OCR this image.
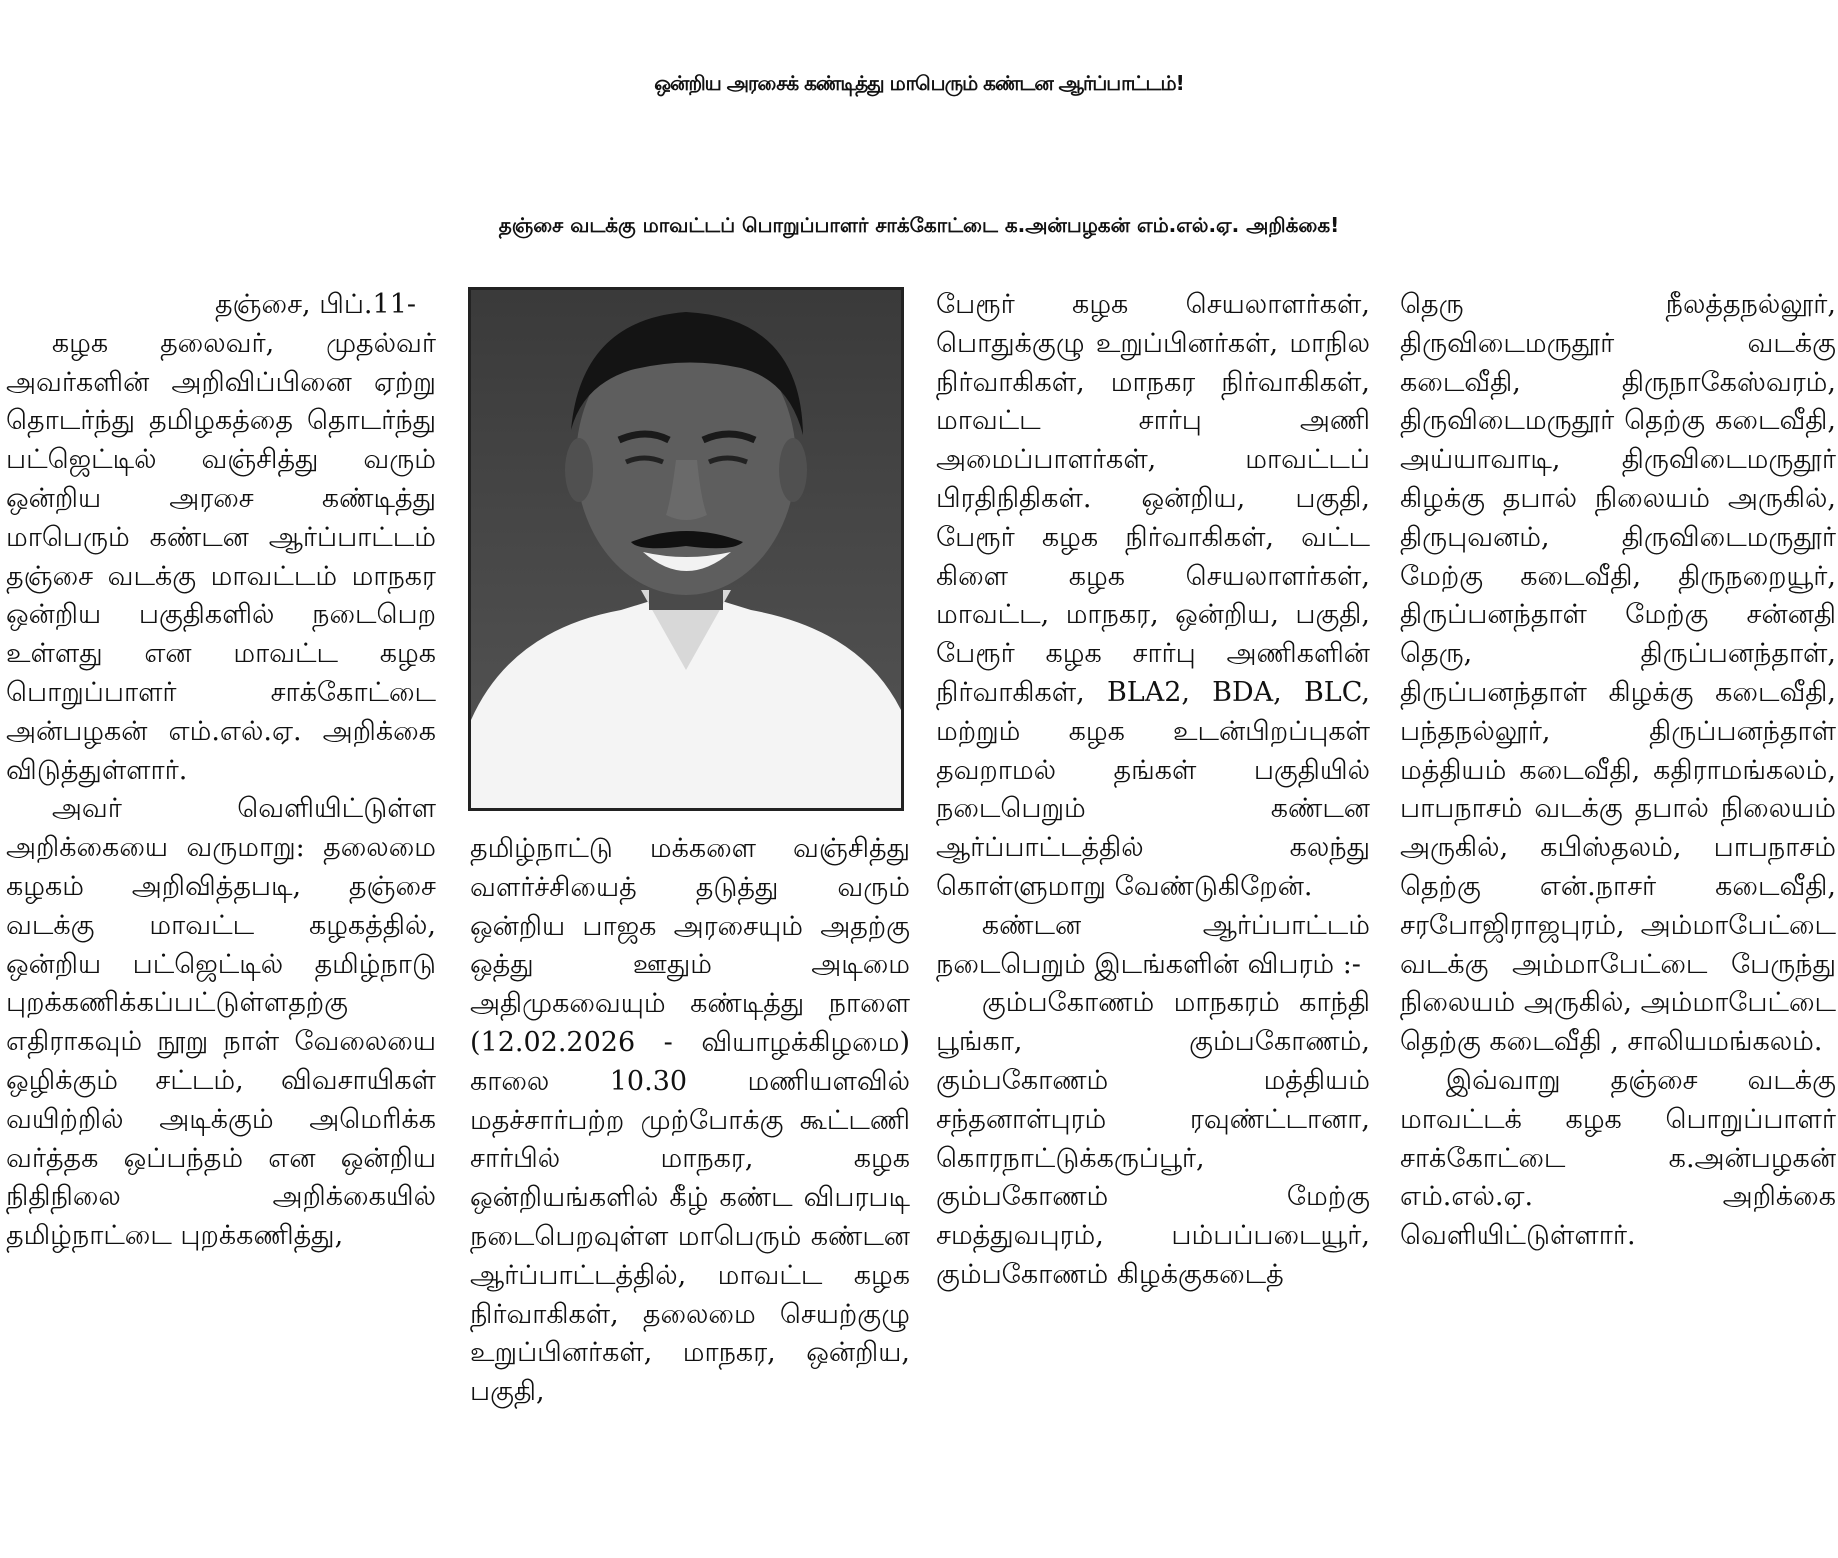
ஒன்றிய அரசைக் கண்டித்து மாபெரும் கண்டன ஆர்ப்பாட்டம்!
தஞ்சை வடக்கு மாவட்டப் பொறுப்பாளர் சாக்கோட்டை க.அன்பழகன் எம்.எல்.ஏ. அறிக்கை!

தஞ்சை, பிப்.11-

கழக தலைவர், முதல்வர் அவர்களின் அறிவிப்பினை ஏற்று தொடர்ந்து தமிழகத்தை தொடர்ந்து பட்ஜெட்டில் வஞ்சித்து வரும் ஒன்றிய அரசை கண்டித்து மாபெரும் கண்டன ஆர்ப்பாட்டம் தஞ்சை வடக்கு மாவட்டம் மாநகர ஒன்றிய பகுதிகளில் நடைபெற உள்ளது என மாவட்ட கழக பொறுப்பாளர் சாக்கோட்டை அன்பழகன் எம்.எல்.ஏ. அறிக்கை விடுத்துள்ளார்.

அவர் வெளியிட்டுள்ள அறிக்கையை வருமாறு: தலைமை கழகம் அறிவித்தபடி, தஞ்சை வடக்கு மாவட்ட கழகத்தில், ஒன்றிய பட்ஜெட்டில் தமிழ்நாடு புறக்கணிக்கப்பட்டுள்ளதற்கு எதிராகவும் நூறு நாள் வேலையை ஒழிக்கும் சட்டம், விவசாயிகள் வயிற்றில் அடிக்கும் அமெரிக்க வர்த்தக ஒப்பந்தம் என ஒன்றிய நிதிநிலை அறிக்கையில் தமிழ்நாட்டை புறக்கணித்து,

தமிழ்நாட்டு மக்களை வஞ்சித்து வளர்ச்சியைத் தடுத்து வரும் ஒன்றிய பாஜக அரசையும் அதற்கு ஒத்து ஊதும் அடிமை அதிமுகவையும் கண்டித்து நாளை (12.02.2026 - வியாழக்கிழமை) காலை 10.30 மணியளவில் மதச்சார்பற்ற முற்போக்கு கூட்டணி சார்பில் மாநகர, கழக ஒன்றியங்களில் கீழ் கண்ட விபரபடி நடைபெறவுள்ள மாபெரும் கண்டன ஆர்ப்பாட்டத்தில், மாவட்ட கழக நிர்வாகிகள், தலைமை செயற்குழு உறுப்பினர்கள், மாநகர, ஒன்றிய, பகுதி,

பேரூர் கழக செயலாளர்கள், பொதுக்குழு உறுப்பினர்கள், மாநில நிர்வாகிகள், மாநகர நிர்வாகிகள், மாவட்ட சார்பு அணி அமைப்பாளர்கள், மாவட்டப் பிரதிநிதிகள். ஒன்றிய, பகுதி, பேரூர் கழக நிர்வாகிகள், வட்ட கிளை கழக செயலாளர்கள், மாவட்ட, மாநகர, ஒன்றிய, பகுதி, பேரூர் கழக சார்பு அணிகளின் நிர்வாகிகள், BLA2, BDA, BLC, மற்றும் கழக உடன்பிறப்புகள் தவறாமல் தங்கள் பகுதியில் நடைபெறும் கண்டன ஆர்ப்பாட்டத்தில் கலந்து கொள்ளுமாறு வேண்டுகிறேன்.

கண்டன ஆர்ப்பாட்டம் நடைபெறும் இடங்களின் விபரம் :-

கும்பகோணம் மாநகரம் காந்தி பூங்கா, கும்பகோணம், கும்பகோணம் மத்தியம் சந்தனாள்புரம் ரவுண்ட்டானா, கொரநாட்டுக்கருப்பூர், கும்பகோணம் மேற்கு சமத்துவபுரம், பம்பப்படையூர், கும்பகோணம் கிழக்குகடைத்

தெரு நீலத்தநல்லூர், திருவிடைமருதூர் வடக்கு கடைவீதி, திருநாகேஸ்வரம், திருவிடைமருதூர் தெற்கு கடைவீதி, அய்யாவாடி, திருவிடைமருதூர் கிழக்கு தபால் நிலையம் அருகில், திருபுவனம், திருவிடைமருதூர் மேற்கு கடைவீதி, திருநறையூர், திருப்பனந்தாள் மேற்கு சன்னதி தெரு, திருப்பனந்தாள், திருப்பனந்தாள் கிழக்கு கடைவீதி, பந்தநல்லூர், திருப்பனந்தாள் மத்தியம் கடைவீதி, கதிராமங்கலம், பாபநாசம் வடக்கு தபால் நிலையம் அருகில், கபிஸ்தலம், பாபநாசம் தெற்கு என்.நாசர் கடைவீதி, சரபோஜிராஜபுரம், அம்மாபேட்டை வடக்கு அம்மாபேட்டை பேருந்து நிலையம் அருகில், அம்மாபேட்டை தெற்கு கடைவீதி , சாலியமங்கலம்.

இவ்வாறு தஞ்சை வடக்கு மாவட்டக் கழக பொறுப்பாளர் சாக்கோட்டை க.அன்பழகன் எம்.எல்.ஏ. அறிக்கை வெளியிட்டுள்ளார்.
